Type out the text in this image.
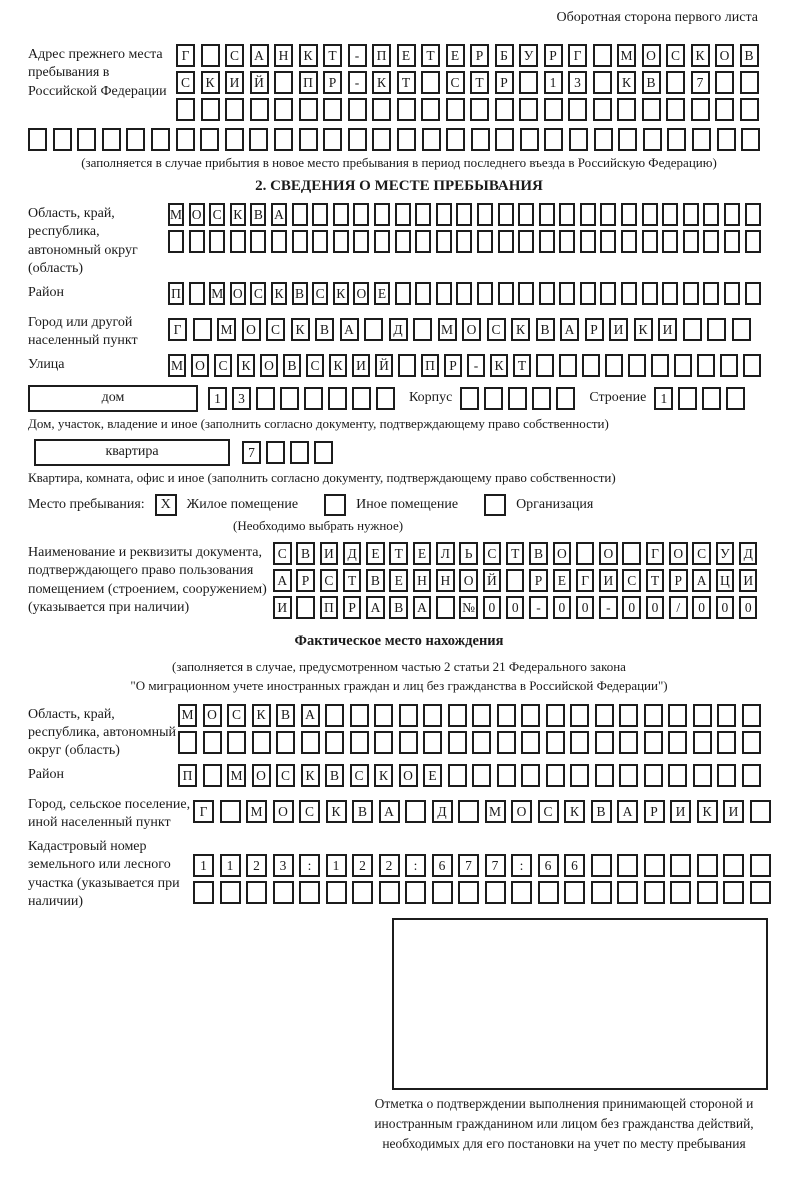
Оборотная сторона первого листа
Адрес прежнего места пребывания в Российской Федерации
Г	С	А	Н	К	Т	-	П	Е	Т	Е	Р	Б	У	Р	Г	М	О	С	К	О	В
С	К	И	Й	П	Р	-	К	Т	С	Т	Р	1	3	К	В	7
(заполняется в случае прибытия в новое место пребывания в период последнего въезда в Российскую Федерацию)
2. СВЕДЕНИЯ О МЕСТЕ ПРЕБЫВАНИЯ
Область, край, республика, автономный округ (область)
М О С К В А
Район	П М О С К В С К О Е
Город или другой населенный пункт
Г	М	О	С	К	В	А	Д	М	О	С	К	В	А	Р	И	К	И
Улица	М О	С	К	О	В	С	К	И Й	П	Р	-	К	Т
дом	1	3	Корпус	Строение	1
Дом, участок, владение и иное (заполнить согласно документу, подтверждающему право собственности)
квартира	7
Квартира, комната, офис и иное (заполнить согласно документу, подтверждающему право собственности)
Место пребывания:	X	Жилое помещение	Иное помещение	Организация
(Необходимо выбрать нужное)
Наименование и реквизиты документа, подтверждающего право пользования помещением (строением, сооружением) (указывается при наличии)
С	В	И	Д	Е	Т	Е	Л	Ь	С	Т	В	О	О	Г	О	С	У	Д
А	Р	С	Т	В	Е	Н	Н	О	Й	Р	Е	Г	И	С	Т	Р	А	Ц	И
И	П	Р	А	В	А	№ 0	0	-	0	0	-	0	0	/	0	0	0
Фактическое место нахождения
(заполняется в случае, предусмотренном частью 2 статьи 21 Федерального закона
"О миграционном учете иностранных граждан и лиц без гражданства в Российской Федерации")
Область, край, республика, автономный округ (область)
М	О	С	К	В	А
Район	П	М	О	С	К	В	С	К	О	Е
Город, сельское поселение, иной населенный пункт
Г	М	О	С	К	В	А	Д	М	О	С	К	В	А	Р	И	К	И
Кадастровый номер земельного или лесного участка (указывается при наличии)
1	1	2	3	:	1	2	2	:	6	7	7	:	6	6
Отметка о подтверждении выполнения принимающей стороной и иностранным гражданином или лицом без гражданства действий, необходимых для его постановки на учет по месту пребывания
